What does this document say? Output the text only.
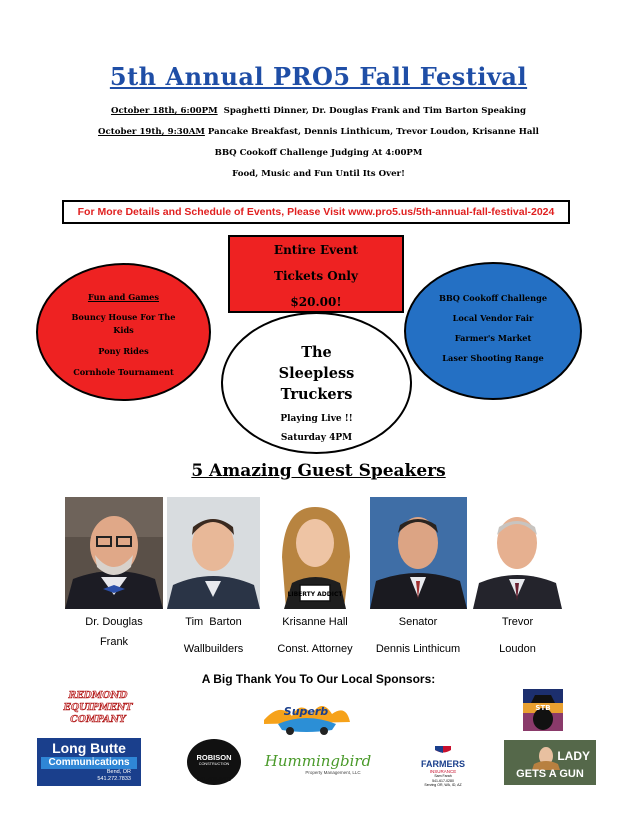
5th Annual PRO5 Fall Festival
October 18th, 6:00PM  Spaghetti Dinner, Dr. Douglas Frank and Tim Barton Speaking
October 19th, 9:30AM Pancake Breakfast, Dennis Linthicum, Trevor Loudon, Krisanne Hall
BBQ Cookoff Challenge Judging At 4:00PM
Food, Music and Fun Until Its Over!
For More Details and Schedule of Events, Please Visit www.pro5.us/5th-annual-fall-festival-2024
Fun and Games
Bouncy House For The Kids
Pony Rides
Cornhole Tournament
BBQ Cookoff Challenge
Local Vendor Fair
Farmer's Market
Laser Shooting Range
Entire Event
Tickets Only
$20.00!
The Sleepless Truckers
Playing Live !!
Saturday 4PM
5 Amazing Guest Speakers
LIBERTY ADDICT
Dr. Douglas
Frank
Tim  Barton
Wallbuilders
Krisanne Hall
Const. Attorney
Senator
Dennis Linthicum
Trevor
Loudon
A Big Thank You To Our Local Sponsors:
REDMOND
EQUIPMENT
COMPANY
Long Butte
Communications
Bend, OR
541.272.7833
ROBISON
CONSTRUCTION
541-408-8401
Superb
Hummingbird
Property Management, LLC
FARMERS
INSURANCE
Sam Farah
541-617-0280
Serving OR, WA, ID, AZ
STB
LADY
GETS A GUN
